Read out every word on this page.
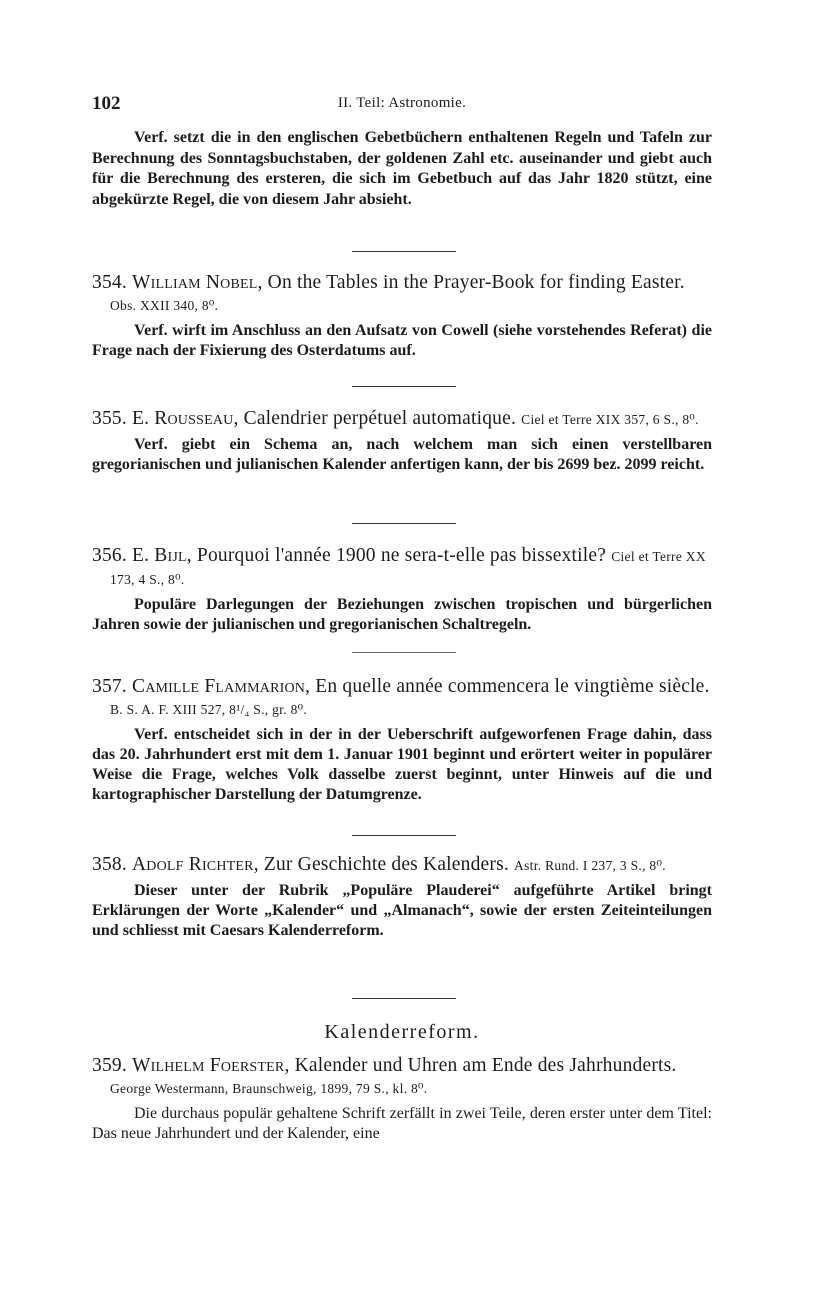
102	II. Teil: Astronomie.
Verf. setzt die in den englischen Gebetbüchern enthaltenen Regeln und Tafeln zur Berechnung des Sonntagsbuchstaben, der goldenen Zahl etc. auseinander und giebt auch für die Berechnung des ersteren, die sich im Gebetbuch auf das Jahr 1820 stützt, eine abgekürzte Regel, die von diesem Jahr absieht.
354. William Nobel, On the Tables in the Prayer-Book for finding Easter. Obs. XXII 340, 8⁰.
Verf. wirft im Anschluss an den Aufsatz von Cowell (siehe vorstehendes Referat) die Frage nach der Fixierung des Osterdatums auf.
355. E. Rousseau, Calendrier perpétuel automatique. Ciel et Terre XIX 357, 6 S., 8⁰.
Verf. giebt ein Schema an, nach welchem man sich einen verstellbaren gregorianischen und julianischen Kalender anfertigen kann, der bis 2699 bez. 2099 reicht.
356. E. Bijl, Pourquoi l'année 1900 ne sera-t-elle pas bissextile? Ciel et Terre XX 173, 4 S., 8⁰.
Populäre Darlegungen der Beziehungen zwischen tropischen und bürgerlichen Jahren sowie der julianischen und gregorianischen Schaltregeln.
357. Camille Flammarion, En quelle année commencera le vingtième siècle. B. S. A. F. XIII 527, 8¹/₄ S., gr. 8⁰.
Verf. entscheidet sich in der in der Ueberschrift aufgeworfenen Frage dahin, dass das 20. Jahrhundert erst mit dem 1. Januar 1901 beginnt und erörtert weiter in populärer Weise die Frage, welches Volk dasselbe zuerst beginnt, unter Hinweis auf die und kartographischer Darstellung der Datumgrenze.
358. Adolf Richter, Zur Geschichte des Kalenders. Astr. Rund. I 237, 3 S., 8⁰.
Dieser unter der Rubrik „Populäre Plauderei“ aufgeführte Artikel bringt Erklärungen der Worte „Kalender“ und „Almanach“, sowie der ersten Zeiteinteilungen und schliesst mit Caesars Kalenderreform.
Kalenderreform.
359. Wilhelm Foerster, Kalender und Uhren am Ende des Jahrhunderts. George Westermann, Braunschweig, 1899, 79 S., kl. 8⁰.
Die durchaus populär gehaltene Schrift zerfällt in zwei Teile, deren erster unter dem Titel: Das neue Jahrhundert und der Kalender, eine
